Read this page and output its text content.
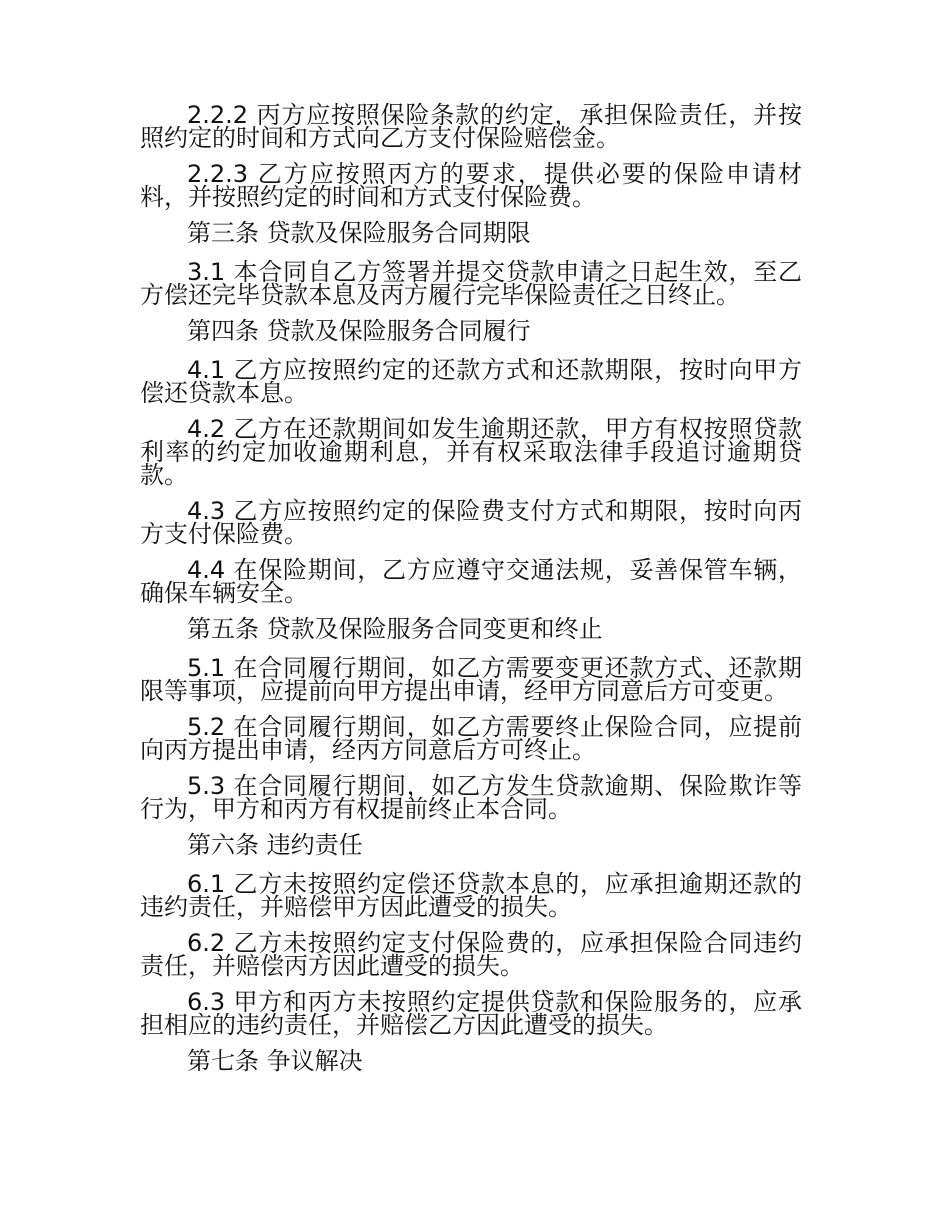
2.2.2 丙方应按照保险条款的约定，承担保险责任，并按照约定的时间和方式向乙方支付保险赔偿金。

2.2.3 乙方应按照丙方的要求，提供必要的保险申请材料，并按照约定的时间和方式支付保险费。

第三条 贷款及保险服务合同期限

3.1 本合同自乙方签署并提交贷款申请之日起生效，至乙方偿还完毕贷款本息及丙方履行完毕保险责任之日终止。

第四条 贷款及保险服务合同履行

4.1 乙方应按照约定的还款方式和还款期限，按时向甲方偿还贷款本息。

4.2 乙方在还款期间如发生逾期还款，甲方有权按照贷款利率的约定加收逾期利息，并有权采取法律手段追讨逾期贷款。

4.3 乙方应按照约定的保险费支付方式和期限，按时向丙方支付保险费。

4.4 在保险期间，乙方应遵守交通法规，妥善保管车辆，确保车辆安全。

第五条 贷款及保险服务合同变更和终止

5.1 在合同履行期间，如乙方需要变更还款方式、还款期限等事项，应提前向甲方提出申请，经甲方同意后方可变更。

5.2 在合同履行期间，如乙方需要终止保险合同，应提前向丙方提出申请，经丙方同意后方可终止。

5.3 在合同履行期间，如乙方发生贷款逾期、保险欺诈等行为，甲方和丙方有权提前终止本合同。

第六条 违约责任

6.1 乙方未按照约定偿还贷款本息的，应承担逾期还款的违约责任，并赔偿甲方因此遭受的损失。

6.2 乙方未按照约定支付保险费的，应承担保险合同违约责任，并赔偿丙方因此遭受的损失。

6.3 甲方和丙方未按照约定提供贷款和保险服务的，应承担相应的违约责任，并赔偿乙方因此遭受的损失。

第七条 争议解决
